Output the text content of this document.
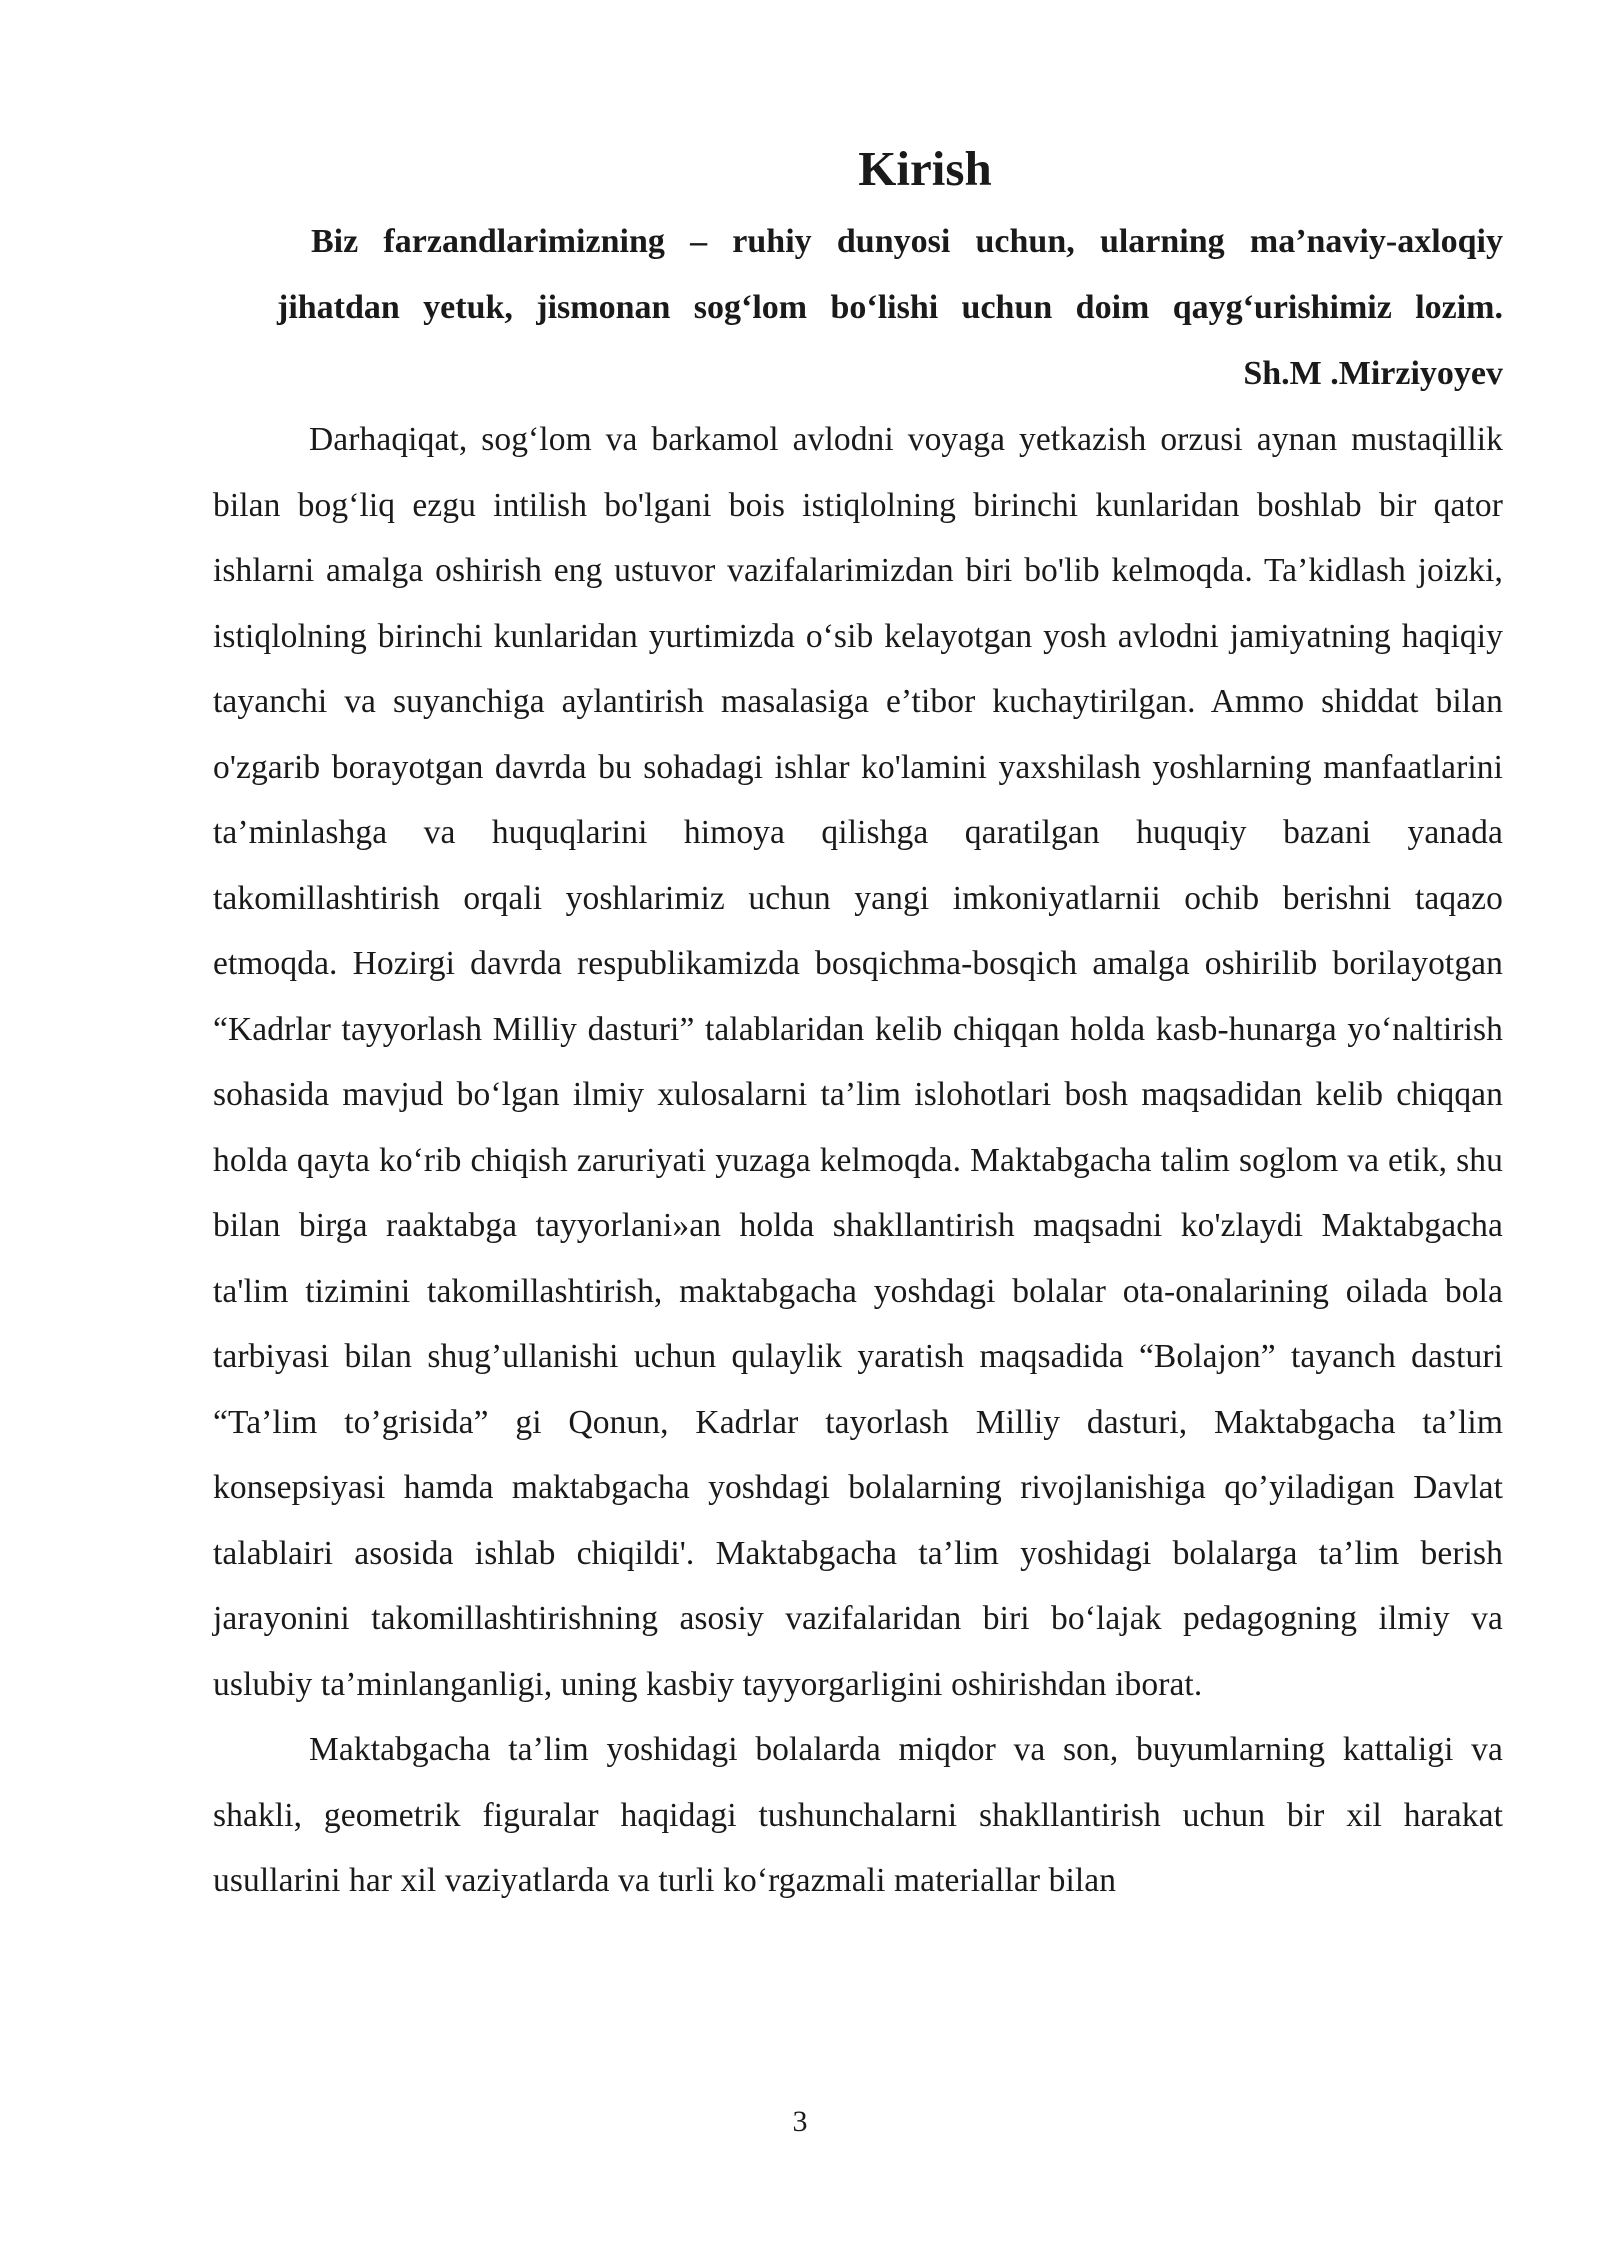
Kirish
Biz farzandlarimizning – ruhiy dunyosi uchun, ularning ma’naviy-axloqiy
jihatdan yetuk, jismonan sog‘lom bo‘lishi uchun doim qayg‘urishimiz lozim.
Sh.M .Mirziyoyev

Darhaqiqat, sog‘lom va barkamol avlodni voyaga yetkazish orzusi aynan mustaqillik bilan bog‘liq ezgu intilish bo'lgani bois istiqlolning birinchi kunlaridan boshlab bir qator ishlarni amalga oshirish eng ustuvor vazifalarimizdan biri bo'lib kelmoqda. Ta’kidlash joizki, istiqlolning birinchi kunlaridan yurtimizda o‘sib kelayotgan yosh avlodni jamiyatning haqiqiy tayanchi va suyanchiga aylantirish masalasiga e’tibor kuchaytirilgan. Ammo shiddat bilan o'zgarib borayotgan davrda bu sohadagi ishlar ko'lamini yaxshilash yoshlarning manfaatlarini ta’minlashga va huquqlarini himoya qilishga qaratilgan huquqiy bazani yanada takomillashtirish orqali yoshlarimiz uchun yangi imkoniyatlarnii ochib berishni taqazo etmoqda. Hozirgi davrda respublikamizda bosqichma-bosqich amalga oshirilib borilayotgan “Kadrlar tayyorlash Milliy dasturi” talablaridan kelib chiqqan holda kasb-hunarga yo‘naltirish sohasida mavjud bo‘lgan ilmiy xulosalarni ta’lim islohotlari bosh maqsadidan kelib chiqqan holda qayta ko‘rib chiqish zaruriyati yuzaga kelmoqda. Maktabgacha talim soglom va etik, shu bilan birga raaktabga tayyorlani»an holda shakllantirish maqsadni ko'zlaydi Maktabgacha ta'lim tizimini takomillashtirish, maktabgacha yoshdagi bolalar ota-onalarining oilada bola tarbiyasi bilan shug’ullanishi uchun qulaylik yaratish maqsadida “Bolajon” tayanch dasturi “Ta’lim to’grisida” gi Qonun, Kadrlar tayorlash Milliy dasturi, Maktabgacha ta’lim konsepsiyasi hamda maktabgacha yoshdagi bolalarning rivojlanishiga qo’yiladigan Davlat talablairi asosida ishlab chiqildi'. Maktabgacha ta’lim yoshidagi bolalarga ta’lim berish jarayonini takomillashtirishning asosiy vazifalaridan biri bo‘lajak pedagogning ilmiy va uslubiy ta’minlanganligi, uning kasbiy tayyorgarligini oshirishdan iborat.

Maktabgacha ta’lim yoshidagi bolalarda miqdor va son, buyumlarning kattaligi va shakli, geometrik figuralar haqidagi tushunchalarni shakllantirish uchun bir xil harakat usullarini har xil vaziyatlarda va turli ko‘rgazmali materiallar bilan

3
